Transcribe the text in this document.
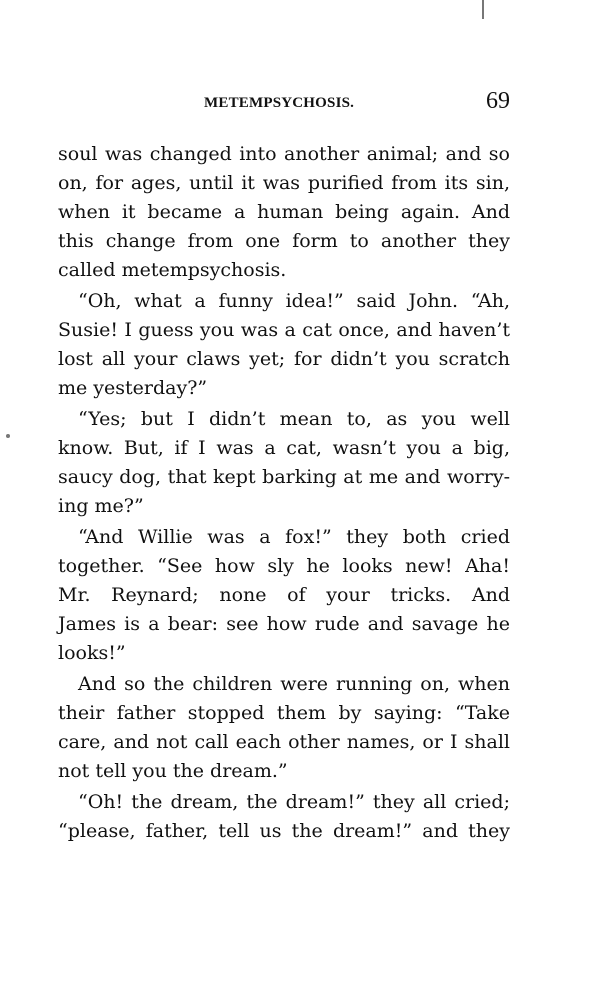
METEMPSYCHOSIS.	69
soul was changed into another animal; and so
on, for ages, until it was purified from its sin,
when it became a human being again. And
this change from one form to another they
called metempsychosis.
“Oh, what a funny idea!” said John. “Ah,
Susie! I guess you was a cat once, and haven’t
lost all your claws yet; for didn’t you scratch
me yesterday?”
“Yes; but I didn’t mean to, as you well
know. But, if I was a cat, wasn’t you a big,
saucy dog, that kept barking at me and worry-
ing me?”
“And Willie was a fox!” they both cried
together. “See how sly he looks new! Aha!
Mr. Reynard; none of your tricks. And
James is a bear: see how rude and savage he
looks!”
And so the children were running on, when
their father stopped them by saying: “Take
care, and not call each other names, or I shall
not tell you the dream.”
“Oh! the dream, the dream!” they all cried;
“please, father, tell us the dream!” and they
